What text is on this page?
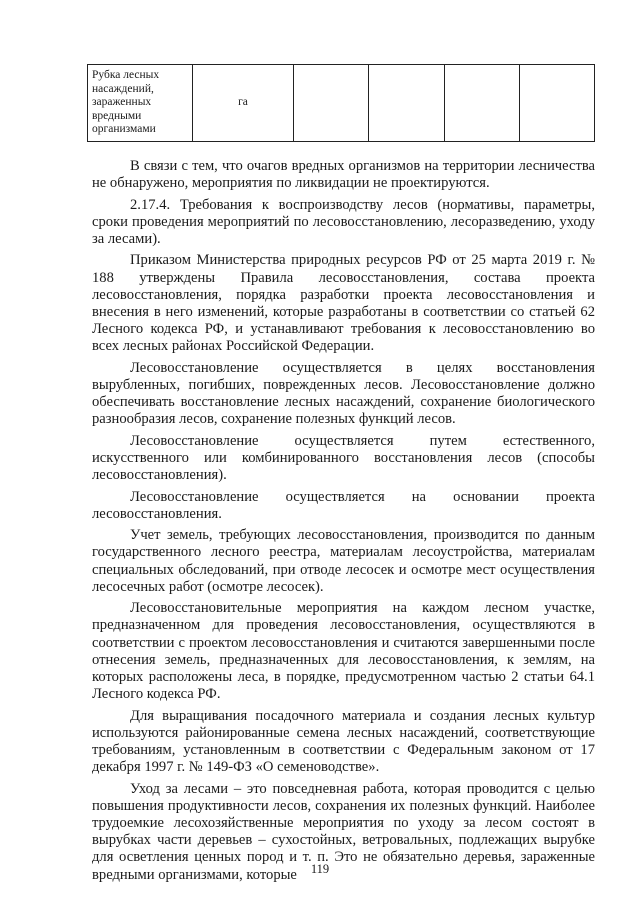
Рубка лесных насаждений, зараженных вредными организмами	га				

В связи с тем, что очагов вредных организмов на территории лесничества не обнаружено, мероприятия по ликвидации не проектируются.

2.17.4. Требования к воспроизводству лесов (нормативы, параметры, сроки проведения мероприятий по лесовосстановлению, лесоразведению, уходу за лесами).

Приказом Министерства природных ресурсов РФ от 25 марта 2019 г. № 188 утверждены Правила лесовосстановления, состава проекта лесовосстановления, порядка разработки проекта лесовосстановления и внесения в него изменений, которые разработаны в соответствии со статьей 62 Лесного кодекса РФ, и устанавливают требования к лесовосстановлению во всех лесных районах Российской Федерации.

Лесовосстановление осуществляется в целях восстановления вырубленных, погибших, поврежденных лесов. Лесовосстановление должно обеспечивать восстановление лесных насаждений, сохранение биологического разнообразия лесов, сохранение полезных функций лесов.

Лесовосстановление осуществляется путем естественного, искусственного или комбинированного восстановления лесов (способы лесовосстановления).

Лесовосстановление осуществляется на основании проекта лесовосстановления.

Учет земель, требующих лесовосстановления, производится по данным государственного лесного реестра, материалам лесоустройства, материалам специальных обследований, при отводе лесосек и осмотре мест осуществления лесосечных работ (осмотре лесосек).

Лесовосстановительные мероприятия на каждом лесном участке, предназначенном для проведения лесовосстановления, осуществляются в соответствии с проектом лесовосстановления и считаются завершенными после отнесения земель, предназначенных для лесовосстановления, к землям, на которых расположены леса, в порядке, предусмотренном частью 2 статьи 64.1 Лесного кодекса РФ.

Для выращивания посадочного материала и создания лесных культур используются районированные семена лесных насаждений, соответствующие требованиям, установленным в соответствии с Федеральным законом от 17 декабря 1997 г. № 149-ФЗ «О семеноводстве».

Уход за лесами – это повседневная работа, которая проводится с целью повышения продуктивности лесов, сохранения их полезных функций. Наиболее трудоемкие лесохозяйственные мероприятия по уходу за лесом состоят в вырубках части деревьев – сухостойных, ветровальных, подлежащих вырубке для осветления ценных пород и т. п. Это не обязательно деревья, зараженные вредными организмами, которые	119
